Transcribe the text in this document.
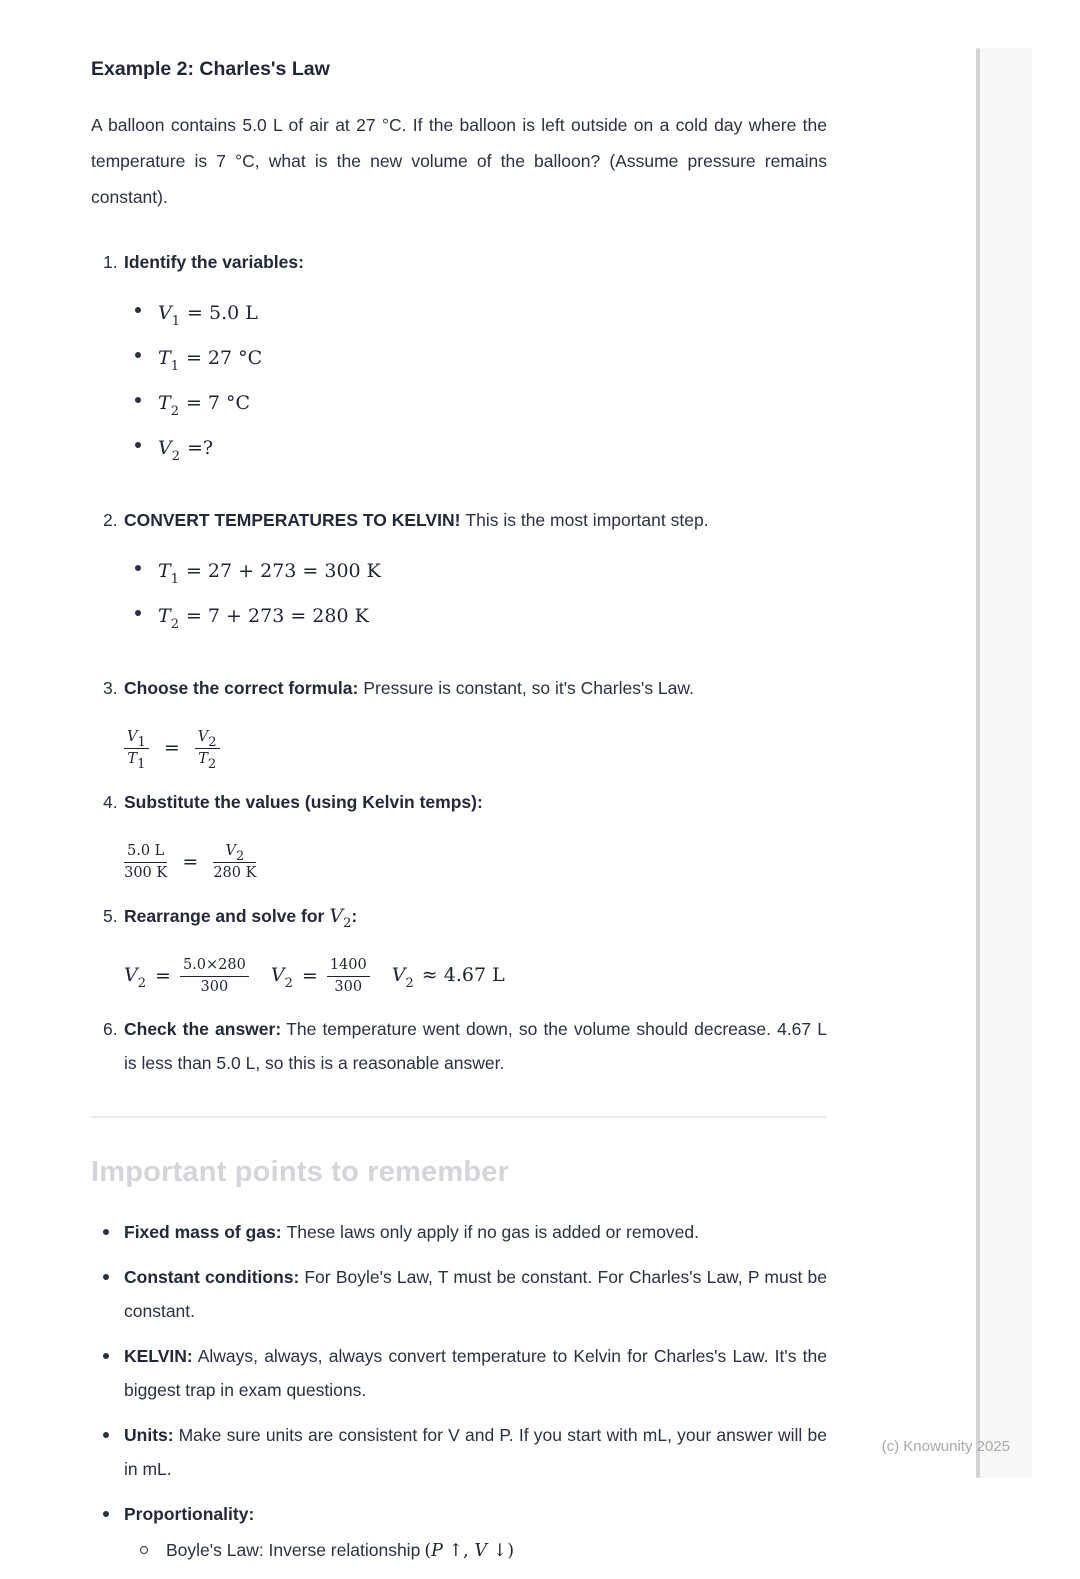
Example 2: Charles's Law

A balloon contains 5.0 L of air at 27 °C. If the balloon is left outside on a cold day where the temperature is 7 °C, what is the new volume of the balloon? (Assume pressure remains constant).

1. Identify the variables:
$V_1 = 5.0$ L
$T_1 = 27$ °C
$T_2 = 7$ °C
$V_2$ =?
2. CONVERT TEMPERATURES TO KELVIN! This is the most important step.
$T_1 = 27 + 273 = 300$ K
$T_2 = 7 + 273 = 280$ K
3. Choose the correct formula: Pressure is constant, so it's Charles's Law.
$\frac{V_1}{T_1} = \frac{V_2}{T_2}$
4. Substitute the values (using Kelvin temps):
$\frac{5.0 L}{300 K} = \frac{V_2}{280 K}$
5. Rearrange and solve for $V_2$:
$V_2 = \frac{5.0\times 280}{300} V_2 = \frac{1400}{300} V_2 \approx 4.67$ L
6. Check the answer: The temperature went down, so the volume should decrease. 4.67 L is less than 5.0 L, so this is a reasonable answer.
Important points to remember
Fixed mass of gas: These laws only apply if no gas is added or removed.
Constant conditions: For Boyle's Law, T must be constant. For Charles's Law, P must be constant.
KELVIN: Always, always, always convert temperature to Kelvin for Charles's Law. It's the biggest trap in exam questions.
Units: Make sure units are consistent for V and P. If you start with mL, your answer will be in mL.
Proportionality:
Boyle's Law: Inverse relationship (P ↑, V ↓)
(c) Knowunity 2025
